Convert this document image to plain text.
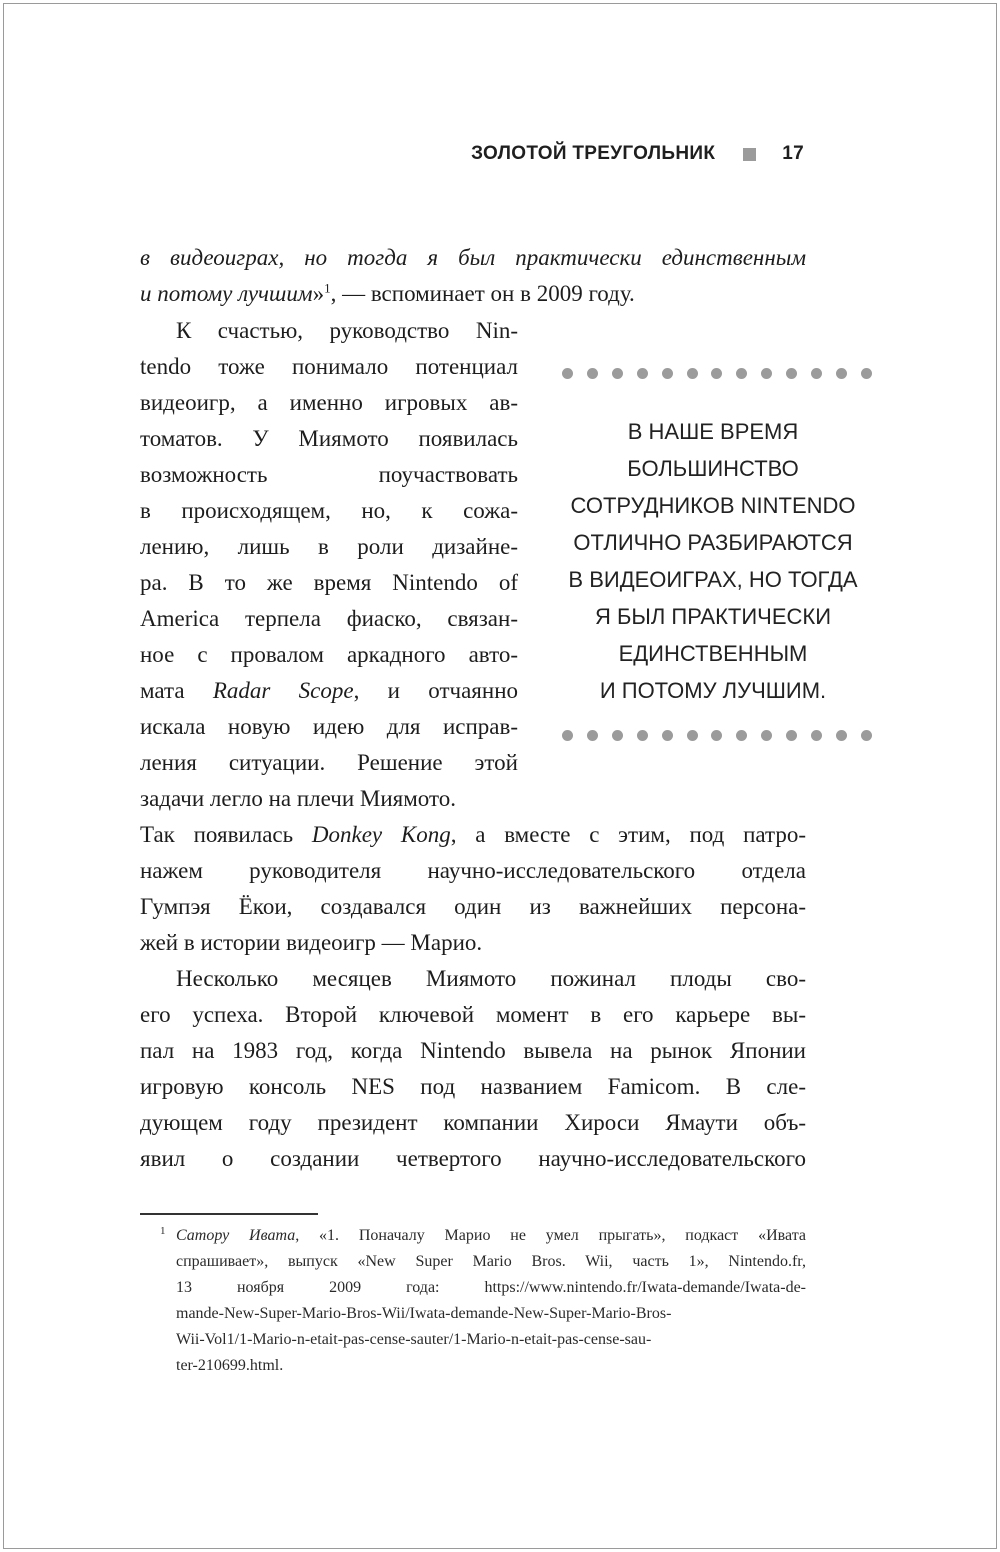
ЗОЛОТОЙ ТРЕУГОЛЬНИК	17
в видеоиграх, но тогда я был практически единственным
и потому лучшим»$^1$, — вспоминает он в 2009 году.
К счастью, руководство Nin-
tendo тоже понимало потенциал
видеоигр, а именно игровых ав-
томатов. У Миямото появилась
возможность поучаствовать
в происходящем, но, к сожа-
лению, лишь в роли дизайне-
ра. В то же время Nintendo of
America терпела фиаско, связан-
ное с провалом аркадного авто-
мата Radar Scope, и отчаянно
искала новую идею для исправ-
ления ситуации. Решение этой
задачи легло на плечи Миямото.
В НАШЕ ВРЕМЯ
БОЛЬШИНСТВО
СОТРУДНИКОВ NINTENDO
ОТЛИЧНО РАЗБИРАЮТСЯ
В ВИДЕОИГРАХ, НО ТОГДА
Я БЫЛ ПРАКТИЧЕСКИ
ЕДИНСТВЕННЫМ
И ПОТОМУ ЛУЧШИМ.
Так появилась Donkey Kong, а вместе с этим, под патро-
нажем руководителя научно-исследовательского отдела
Гумпэя Ёкои, создавался один из важнейших персона-
жей в истории видеоигр — Марио.
Несколько месяцев Миямото пожинал плоды сво-
его успеха. Второй ключевой момент в его карьере вы-
пал на 1983 год, когда Nintendo вывела на рынок Японии
игровую консоль NES под названием Famicom. В сле-
дующем году президент компании Хироси Ямаути объ-
явил о создании четвертого научно-исследовательского
1 Сатору Ивата, «1. Поначалу Марио не умел прыгать», подкаст «Ивата
спрашивает», выпуск «New Super Mario Bros. Wii, часть 1», Nintendo.fr,
13 ноября 2009 года: https://www.nintendo.fr/Iwata-demande/Iwata-de-
mande-New-Super-Mario-Bros-Wii/Iwata-demande-New-Super-Mario-Bros-
Wii-Vol1/1-Mario-n-etait-pas-cense-sauter/1-Mario-n-etait-pas-cense-sau-
ter-210699.html.
